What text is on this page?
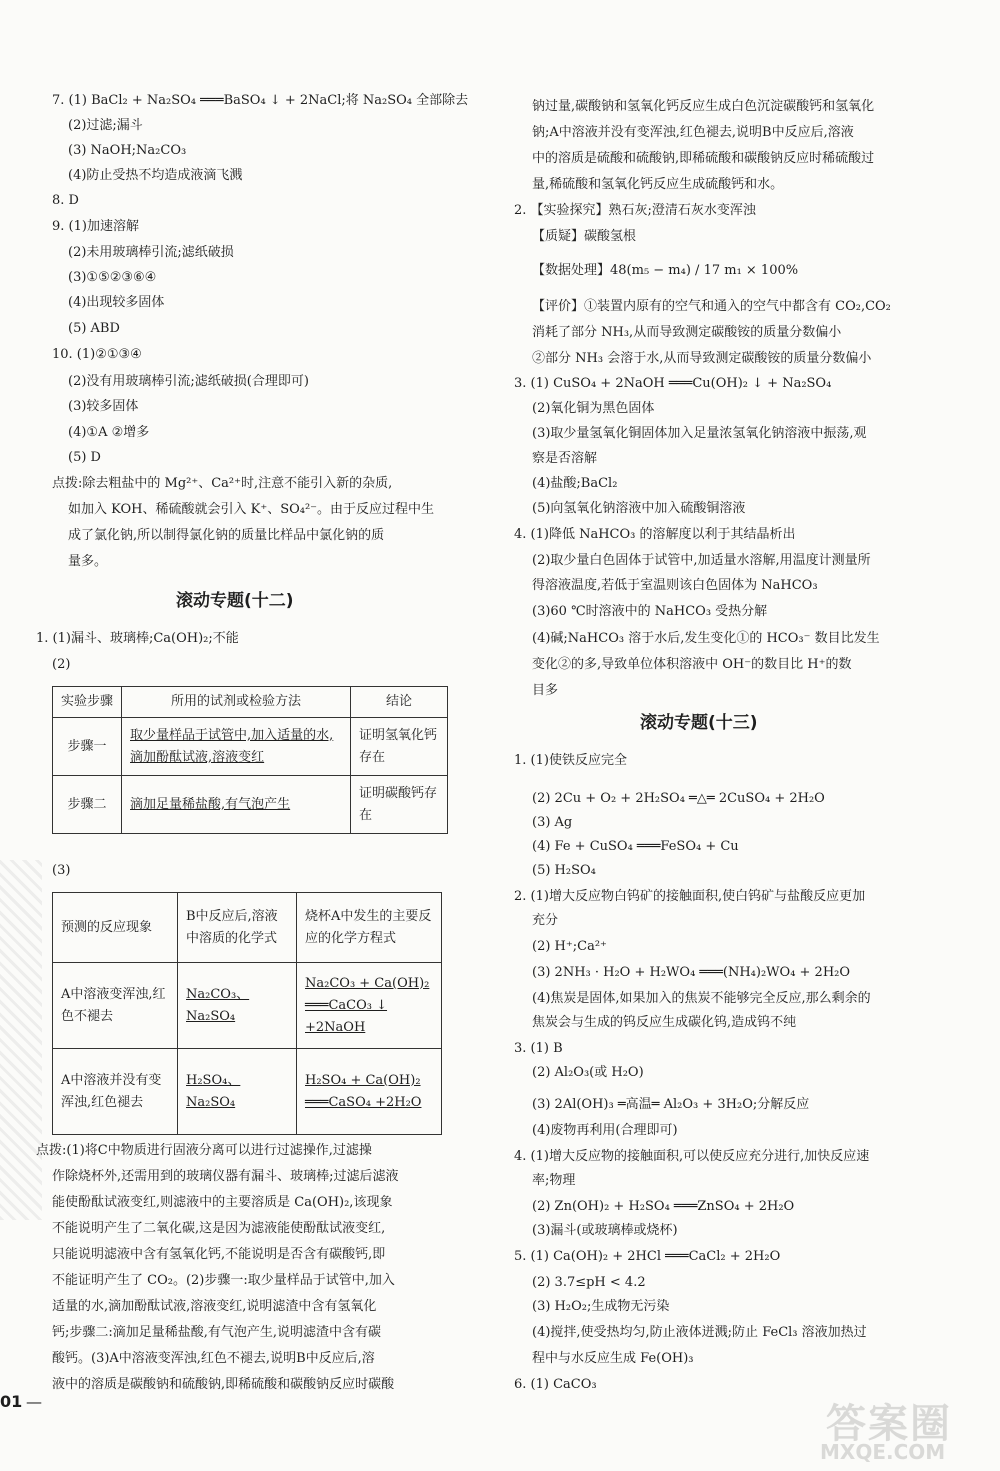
7. (1) BaCl₂ + Na₂SO₄ ═══BaSO₄ ↓ + 2NaCl;将 Na₂SO₄ 全部除去
(2)过滤;漏斗
(3) NaOH;Na₂CO₃
(4)防止受热不均造成液滴飞溅
8. D
9. (1)加速溶解
(2)未用玻璃棒引流;滤纸破损
(3)①⑤②③⑥④
(4)出现较多固体
(5) ABD
10. (1)②①③④
(2)没有用玻璃棒引流;滤纸破损(合理即可)
(3)较多固体
(4)①A ②增多
(5) D
点拨:除去粗盐中的 Mg²⁺、Ca²⁺时,注意不能引入新的杂质,
如加入 KOH、稀硫酸就会引入 K⁺、SO₄²⁻。由于反应过程中生
成了氯化钠,所以制得氯化钠的质量比样品中氯化钠的质
量多。
滚动专题(十二)
1. (1)漏斗、玻璃棒;Ca(OH)₂;不能
(2)
实验步骤	所用的试剂或检验方法	结论
步骤一	取少量样品于试管中,加入适量的水,滴加酚酞试液,溶液变红	证明氢氧化钙存在
步骤二	滴加足量稀盐酸,有气泡产生	证明碳酸钙存在
(3)
预测的反应现象	B中反应后,溶液中溶质的化学式	烧杯A中发生的主要反应的化学方程式
A中溶液变浑浊,红色不褪去	Na₂CO₃、Na₂SO₄	Na₂CO₃ + Ca(OH)₂ ═══CaCO₃ ↓ +2NaOH
A中溶液并没有变浑浊,红色褪去	H₂SO₄、Na₂SO₄	H₂SO₄ + Ca(OH)₂ ═══CaSO₄ +2H₂O
点拨:(1)将C中物质进行固液分离可以进行过滤操作,过滤操
作除烧杯外,还需用到的玻璃仪器有漏斗、玻璃棒;过滤后滤液
能使酚酞试液变红,则滤液中的主要溶质是 Ca(OH)₂,该现象
不能说明产生了二氧化碳,这是因为滤液能使酚酞试液变红,
只能说明滤液中含有氢氧化钙,不能说明是否含有碳酸钙,即
不能证明产生了 CO₂。(2)步骤一:取少量样品于试管中,加入
适量的水,滴加酚酞试液,溶液变红,说明滤渣中含有氢氧化
钙;步骤二:滴加足量稀盐酸,有气泡产生,说明滤渣中含有碳
酸钙。(3)A中溶液变浑浊,红色不褪去,说明B中反应后,溶
液中的溶质是碳酸钠和硫酸钠,即稀硫酸和碳酸钠反应时碳酸
01 —
钠过量,碳酸钠和氢氧化钙反应生成白色沉淀碳酸钙和氢氧化
钠;A中溶液并没有变浑浊,红色褪去,说明B中反应后,溶液
中的溶质是硫酸和硫酸钠,即稀硫酸和碳酸钠反应时稀硫酸过
量,稀硫酸和氢氧化钙反应生成硫酸钙和水。
2. 【实验探究】熟石灰;澄清石灰水变浑浊
【质疑】碳酸氢根
【数据处理】48(m₅ − m₄) / 17 m₁ × 100%
【评价】①装置内原有的空气和通入的空气中都含有 CO₂,CO₂
消耗了部分 NH₃,从而导致测定碳酸铵的质量分数偏小
②部分 NH₃ 会溶于水,从而导致测定碳酸铵的质量分数偏小
3. (1) CuSO₄ + 2NaOH ═══Cu(OH)₂ ↓ + Na₂SO₄
(2)氧化铜为黑色固体
(3)取少量氢氧化铜固体加入足量浓氢氧化钠溶液中振荡,观
察是否溶解
(4)盐酸;BaCl₂
(5)向氢氧化钠溶液中加入硫酸铜溶液
4. (1)降低 NaHCO₃ 的溶解度以利于其结晶析出
(2)取少量白色固体于试管中,加适量水溶解,用温度计测量所
得溶液温度,若低于室温则该白色固体为 NaHCO₃
(3)60 ℃时溶液中的 NaHCO₃ 受热分解
(4)碱;NaHCO₃ 溶于水后,发生变化①的 HCO₃⁻ 数目比发生
变化②的多,导致单位体积溶液中 OH⁻的数目比 H⁺的数
目多
滚动专题(十三)
1. (1)使铁反应完全
(2) 2Cu + O₂ + 2H₂SO₄ ═△═ 2CuSO₄ + 2H₂O
(3) Ag
(4) Fe + CuSO₄ ═══FeSO₄ + Cu
(5) H₂SO₄
2. (1)增大反应物白钨矿的接触面积,使白钨矿与盐酸反应更加
充分
(2) H⁺;Ca²⁺
(3) 2NH₃ · H₂O + H₂WO₄ ═══(NH₄)₂WO₄ + 2H₂O
(4)焦炭是固体,如果加入的焦炭不能够完全反应,那么剩余的
焦炭会与生成的钨反应生成碳化钨,造成钨不纯
3. (1) B
(2) Al₂O₃(或 H₂O)
(3) 2Al(OH)₃ ═高温═ Al₂O₃ + 3H₂O;分解反应
(4)废物再利用(合理即可)
4. (1)增大反应物的接触面积,可以使反应充分进行,加快反应速
率;物理
(2) Zn(OH)₂ + H₂SO₄ ═══ZnSO₄ + 2H₂O
(3)漏斗(或玻璃棒或烧杯)
5. (1) Ca(OH)₂ + 2HCl ═══CaCl₂ + 2H₂O
(2) 3.7≤pH < 4.2
(3) H₂O₂;生成物无污染
(4)搅拌,使受热均匀,防止液体迸溅;防止 FeCl₃ 溶液加热过
程中与水反应生成 Fe(OH)₃
6. (1) CaCO₃
答案圈
MXQE.COM
